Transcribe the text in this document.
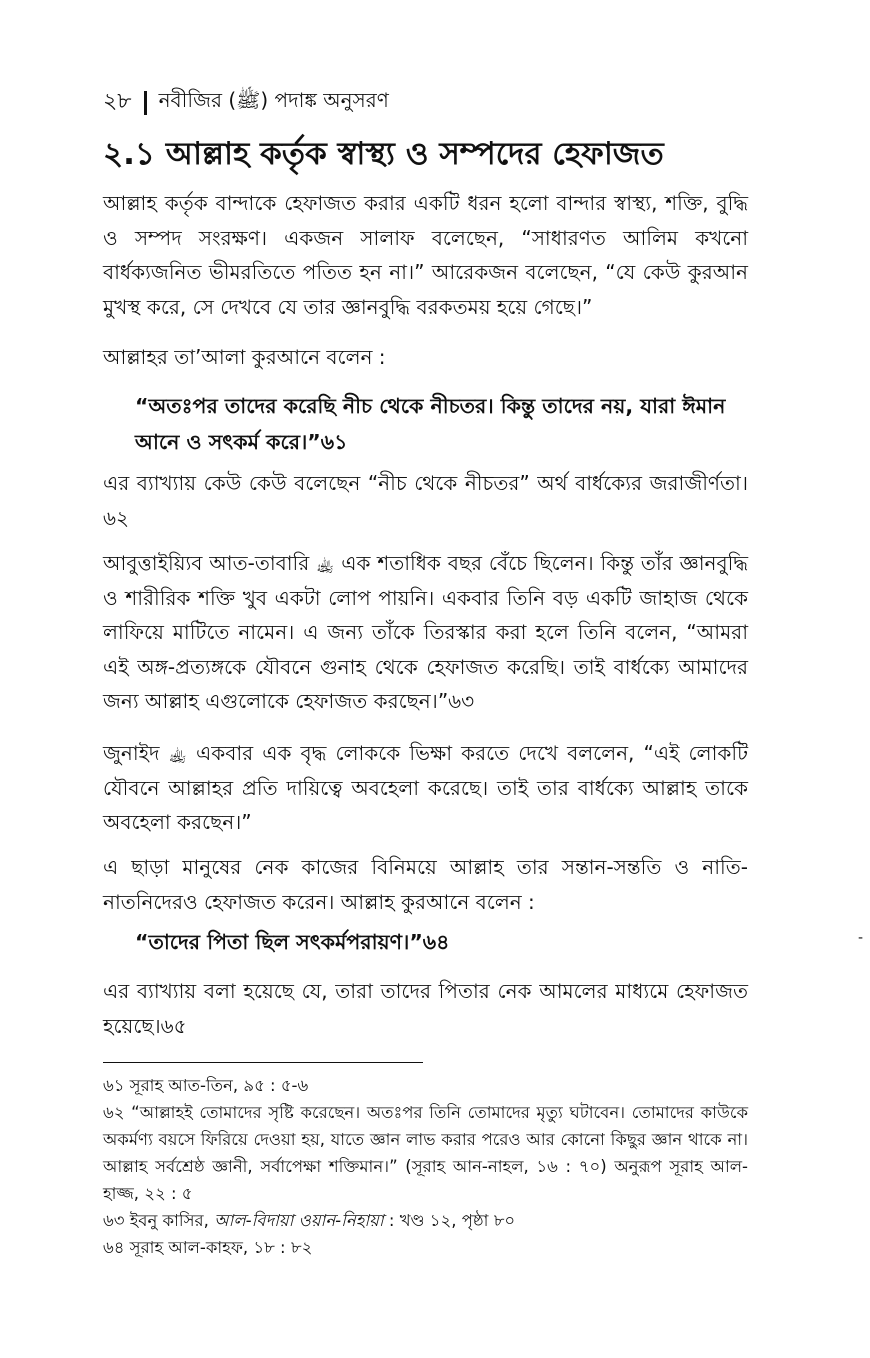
২৮ নবীজির (ﷺ) পদাঙ্ক অনুসরণ
২.১ আল্লাহ কর্তৃক স্বাস্থ্য ও সম্পদের হেফাজত

আল্লাহ কর্তৃক বান্দাকে হেফাজত করার একটি ধরন হলো বান্দার স্বাস্থ্য, শক্তি, বুদ্ধি ও সম্পদ সংরক্ষণ। একজন সালাফ বলেছেন, “সাধারণত আলিম কখনো বার্ধক্যজনিত ভীমরতিতে পতিত হন না।” আরেকজন বলেছেন, “যে কেউ কুরআন মুখস্থ করে, সে দেখবে যে তার জ্ঞানবুদ্ধি বরকতময় হয়ে গেছে।”

আল্লাহর তা’আলা কুরআনে বলেন :

“অতঃপর তাদের করেছি নীচ থেকে নীচতর। কিন্তু তাদের নয়, যারা ঈমান আনে ও সৎকর্ম করে।”৬১

এর ব্যাখ্যায় কেউ কেউ বলেছেন “নীচ থেকে নীচতর” অর্থ বার্ধক্যের জরাজীর্ণতা।৬২

আবুত্তাইয়্যিব আত-তাবারি ﵀ এক শতাধিক বছর বেঁচে ছিলেন। কিন্তু তাঁর জ্ঞানবুদ্ধি ও শারীরিক শক্তি খুব একটা লোপ পায়নি। একবার তিনি বড় একটি জাহাজ থেকে লাফিয়ে মাটিতে নামেন। এ জন্য তাঁকে তিরস্কার করা হলে তিনি বলেন, “আমরা এই অঙ্গ-প্রত্যঙ্গকে যৌবনে গুনাহ থেকে হেফাজত করেছি। তাই বার্ধক্যে আমাদের জন্য আল্লাহ এগুলোকে হেফাজত করছেন।”৬৩

জুনাইদ ﵀ একবার এক বৃদ্ধ লোককে ভিক্ষা করতে দেখে বললেন, “এই লোকটি যৌবনে আল্লাহর প্রতি দায়িত্বে অবহেলা করেছে। তাই তার বার্ধক্যে আল্লাহ তাকে অবহেলা করছেন।”

এ ছাড়া মানুষের নেক কাজের বিনিময়ে আল্লাহ তার সন্তান-সন্ততি ও নাতি-নাতনিদেরও হেফাজত করেন। আল্লাহ কুরআনে বলেন :

“তাদের পিতা ছিল সৎকর্মপরায়ণ।”৬৪

এর ব্যাখ্যায় বলা হয়েছে যে, তারা তাদের পিতার নেক আমলের মাধ্যমে হেফাজত হয়েছে।৬৫

৬১ সূরাহ আত-তিন, ৯৫ : ৫-৬

৬২ “আল্লাহই তোমাদের সৃষ্টি করেছেন। অতঃপর তিনি তোমাদের মৃত্যু ঘটাবেন। তোমাদের কাউকে অকর্মণ্য বয়সে ফিরিয়ে দেওয়া হয়, যাতে জ্ঞান লাভ করার পরেও আর কোনো কিছুর জ্ঞান থাকে না। আল্লাহ সর্বশ্রেষ্ঠ জ্ঞানী, সর্বাপেক্ষা শক্তিমান।” (সূরাহ আন-নাহল, ১৬ : ৭০) অনুরূপ সূরাহ আল-হাজ্জ, ২২ : ৫

৬৩ ইবনু কাসির, আল-বিদায়া ওয়ান-নিহায়া : খণ্ড ১২, পৃষ্ঠা ৮০

৬৪ সূরাহ আল-কাহফ, ১৮ : ৮২

-
